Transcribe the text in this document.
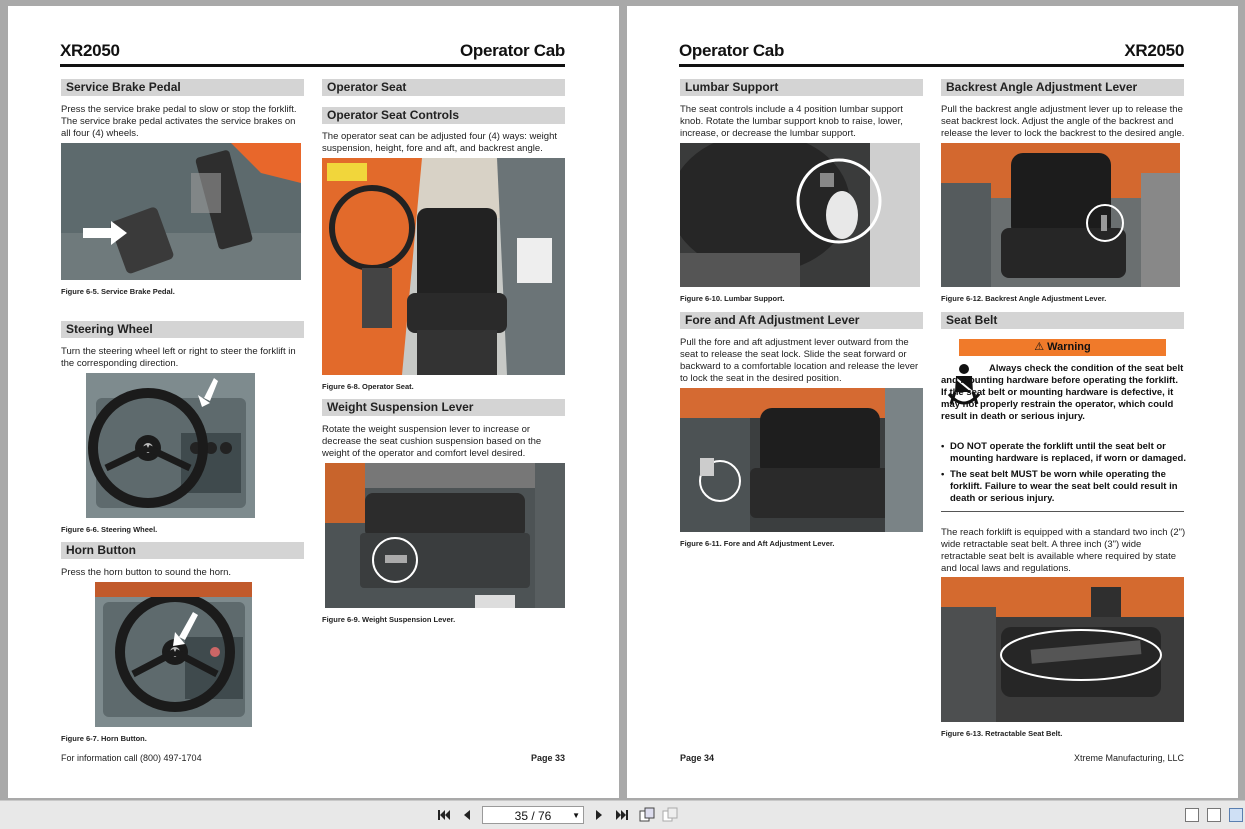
XR2050	Operator Cab
Service Brake Pedal
Press the service brake pedal to slow or stop the forklift. The service brake pedal activates the service brakes on all four (4) wheels.
Figure 6-5. Service Brake Pedal.
Steering Wheel
Turn the steering wheel left or right to steer the forklift in the corresponding direction.
Figure 6-6. Steering Wheel.
Horn Button
Press the horn button to sound the horn.
Figure 6-7. Horn Button.
Operator Seat
Operator Seat Controls
The operator seat can be adjusted four (4) ways: weight suspension, height, fore and aft, and backrest angle.
Figure 6-8. Operator Seat.
Weight Suspension Lever
Rotate the weight suspension lever to increase or decrease the seat cushion suspension based on the weight of the operator and comfort level desired.
Figure 6-9. Weight Suspension Lever.
For information call (800) 497-1704	Page 33
Operator Cab	XR2050
Lumbar Support
The seat controls include a 4 position lumbar support knob. Rotate the lumbar support knob to raise, lower, increase, or decrease the lumbar support.
Figure 6-10. Lumbar Support.
Fore and Aft Adjustment Lever
Pull the fore and aft adjustment lever outward from the seat to release the seat lock. Slide the seat forward or backward to a comfortable location and release the lever to lock the seat in the desired position.
Figure 6-11. Fore and Aft Adjustment Lever.
Backrest Angle Adjustment Lever
Pull the backrest angle adjustment lever up to release the seat backrest lock. Adjust the angle of the backrest and release the lever to lock the backrest to the desired angle.
Figure 6-12. Backrest Angle Adjustment Lever.
Seat Belt
⚠ Warning
Always check the condition of the seat belt and mounting hardware before operating the forklift. If the seat belt or mounting hardware is defective, it may not properly restrain the operator, which could result in death or serious injury.
• DO NOT operate the forklift until the seat belt or mounting hardware is replaced, if worn or damaged.
• The seat belt MUST be worn while operating the forklift. Failure to wear the seat belt could result in death or serious injury.
The reach forklift is equipped with a standard two inch (2") wide retractable seat belt. A three inch (3") wide retractable seat belt is available where required by state and local laws and regulations.
Figure 6-13. Retractable Seat Belt.
Page 34	Xtreme Manufacturing, LLC
35 / 76	▼
